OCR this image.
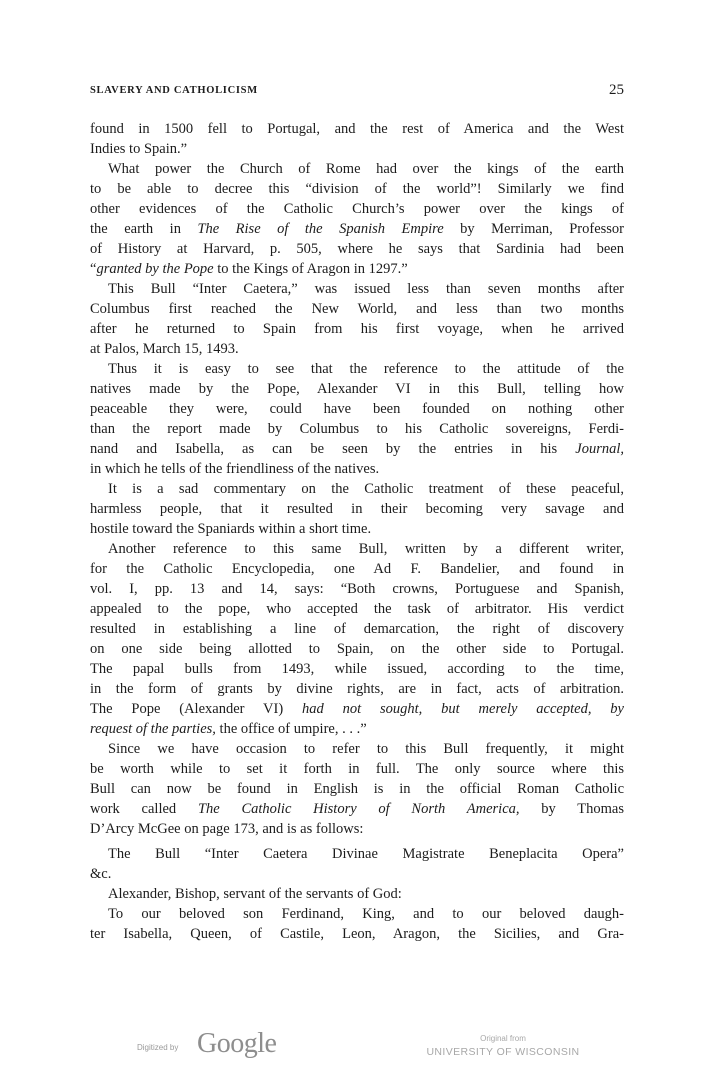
SLAVERY AND CATHOLICISM	25
found in 1500 fell to Portugal, and the rest of America and the West
Indies to Spain.”
What power the Church of Rome had over the kings of the earth
to be able to decree this “division of the world”! Similarly we find
other evidences of the Catholic Church’s power over the kings of
the earth in The Rise of the Spanish Empire by Merriman, Professor
of History at Harvard, p. 505, where he says that Sardinia had been
“granted by the Pope to the Kings of Aragon in 1297.”
This Bull “Inter Caetera,” was issued less than seven months after
Columbus first reached the New World, and less than two months
after he returned to Spain from his first voyage, when he arrived
at Palos, March 15, 1493.
Thus it is easy to see that the reference to the attitude of the
natives made by the Pope, Alexander VI in this Bull, telling how
peaceable they were, could have been founded on nothing other
than the report made by Columbus to his Catholic sovereigns, Ferdi-
nand and Isabella, as can be seen by the entries in his Journal,
in which he tells of the friendliness of the natives.
It is a sad commentary on the Catholic treatment of these peaceful,
harmless people, that it resulted in their becoming very savage and
hostile toward the Spaniards within a short time.
Another reference to this same Bull, written by a different writer,
for the Catholic Encyclopedia, one Ad F. Bandelier, and found in
vol. I, pp. 13 and 14, says: “Both crowns, Portuguese and Spanish,
appealed to the pope, who accepted the task of arbitrator. His verdict
resulted in establishing a line of demarcation, the right of discovery
on one side being allotted to Spain, on the other side to Portugal.
The papal bulls from 1493, while issued, according to the time,
in the form of grants by divine rights, are in fact, acts of arbitration.
The Pope (Alexander VI) had not sought, but merely accepted, by
request of the parties, the office of umpire, . . .”
Since we have occasion to refer to this Bull frequently, it might
be worth while to set it forth in full. The only source where this
Bull can now be found in English is in the official Roman Catholic
work called The Catholic History of North America, by Thomas
D’Arcy McGee on page 173, and is as follows:
The Bull “Inter Caetera Divinae Magistrate Beneplacita Opera”
&c.
Alexander, Bishop, servant of the servants of God:
To our beloved son Ferdinand, King, and to our beloved daugh-
ter Isabella, Queen, of Castile, Leon, Aragon, the Sicilies, and Gra-
Digitized by Google	Original from
UNIVERSITY OF WISCONSIN
